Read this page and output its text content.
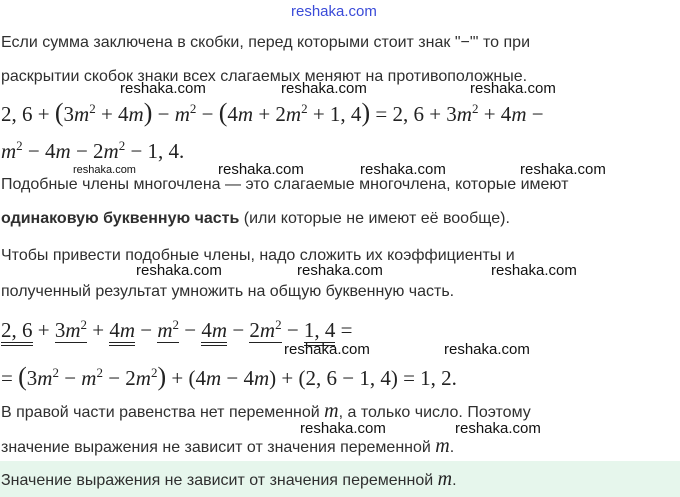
reshaka.com
reshaka.com	reshaka.com	reshaka.com
reshaka.com	reshaka.com	reshaka.com	reshaka.com
reshaka.com	reshaka.com	reshaka.com
reshaka.com	reshaka.com
reshaka.com	reshaka.com
Если сумма заключена в скобки, перед которыми стоит знак "−"' то при
раскрытии скобок знаки всех слагаемых меняют на противоположные.
2, $6 + (3m^2 + 4m) - m^2 - (4m + 2m^2 + 1$, 4) = 2, $6 + 3m^2 + 4m$ −
$m^2 - 4m - 2m^2 - 1$, 4.
Подобные члены многочлена — это слагаемые многочлена, которые имеют
одинаковую буквенную часть (или которые не имеют её вообще).
Чтобы привести подобные члены, надо сложить их коэффициенты и
полученный результат умножить на общую буквенную часть.
2, $6 + 3m^2 + 4m - m^2 - 4m - 2m^2 - 1$, 4 =
= $(3m^2 - m^2 - 2m^2) + (4m - 4m) + (2$, 6 − 1, 4) = 1, 2.
В правой части равенства нет переменной m, а только число. Поэтому
значение выражения не зависит от значения переменной m.
Значение выражения не зависит от значения переменной m.
